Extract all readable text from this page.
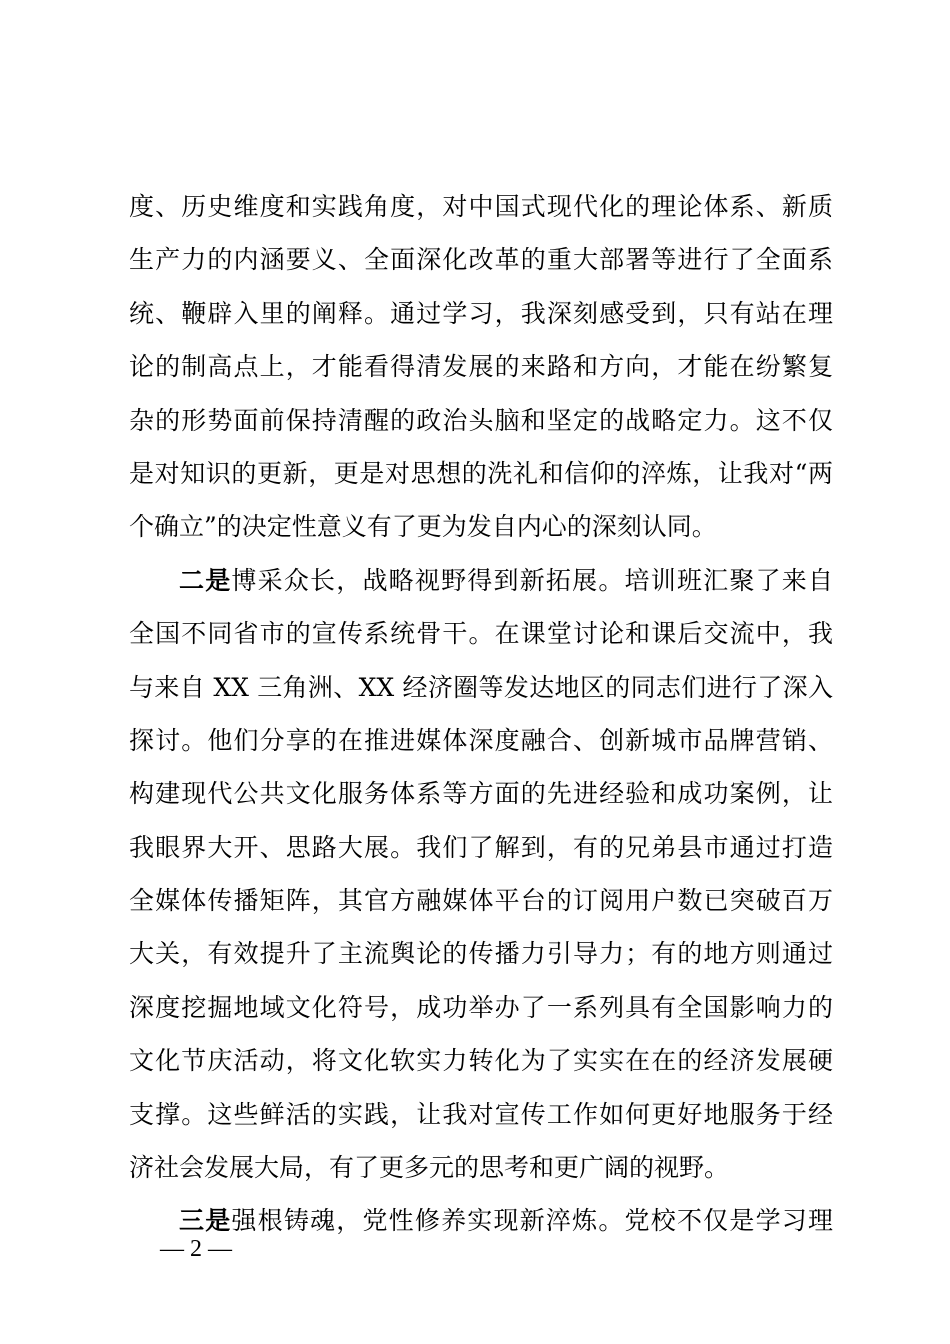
度、历史维度和实践角度，对中国式现代化的理论体系、新质
生产力的内涵要义、全面深化改革的重大部署等进行了全面系
统、鞭辟入里的阐释。通过学习，我深刻感受到，只有站在理
论的制高点上，才能看得清发展的来路和方向，才能在纷繁复
杂的形势面前保持清醒的政治头脑和坚定的战略定力。这不仅
是对知识的更新，更是对思想的洗礼和信仰的淬炼，让我对“两
个确立”的决定性意义有了更为发自内心的深刻认同。
二是博采众长，战略视野得到新拓展。培训班汇聚了来自
全国不同省市的宣传系统骨干。在课堂讨论和课后交流中，我
与来自 XX 三角洲、XX 经济圈等发达地区的同志们进行了深入
探讨。他们分享的在推进媒体深度融合、创新城市品牌营销、
构建现代公共文化服务体系等方面的先进经验和成功案例，让
我眼界大开、思路大展。我们了解到，有的兄弟县市通过打造
全媒体传播矩阵，其官方融媒体平台的订阅用户数已突破百万
大关，有效提升了主流舆论的传播力引导力；有的地方则通过
深度挖掘地域文化符号，成功举办了一系列具有全国影响力的
文化节庆活动，将文化软实力转化为了实实在在的经济发展硬
支撑。这些鲜活的实践，让我对宣传工作如何更好地服务于经
济社会发展大局，有了更多元的思考和更广阔的视野。
三是强根铸魂，党性修养实现新淬炼。党校不仅是学习理
— 2 —
